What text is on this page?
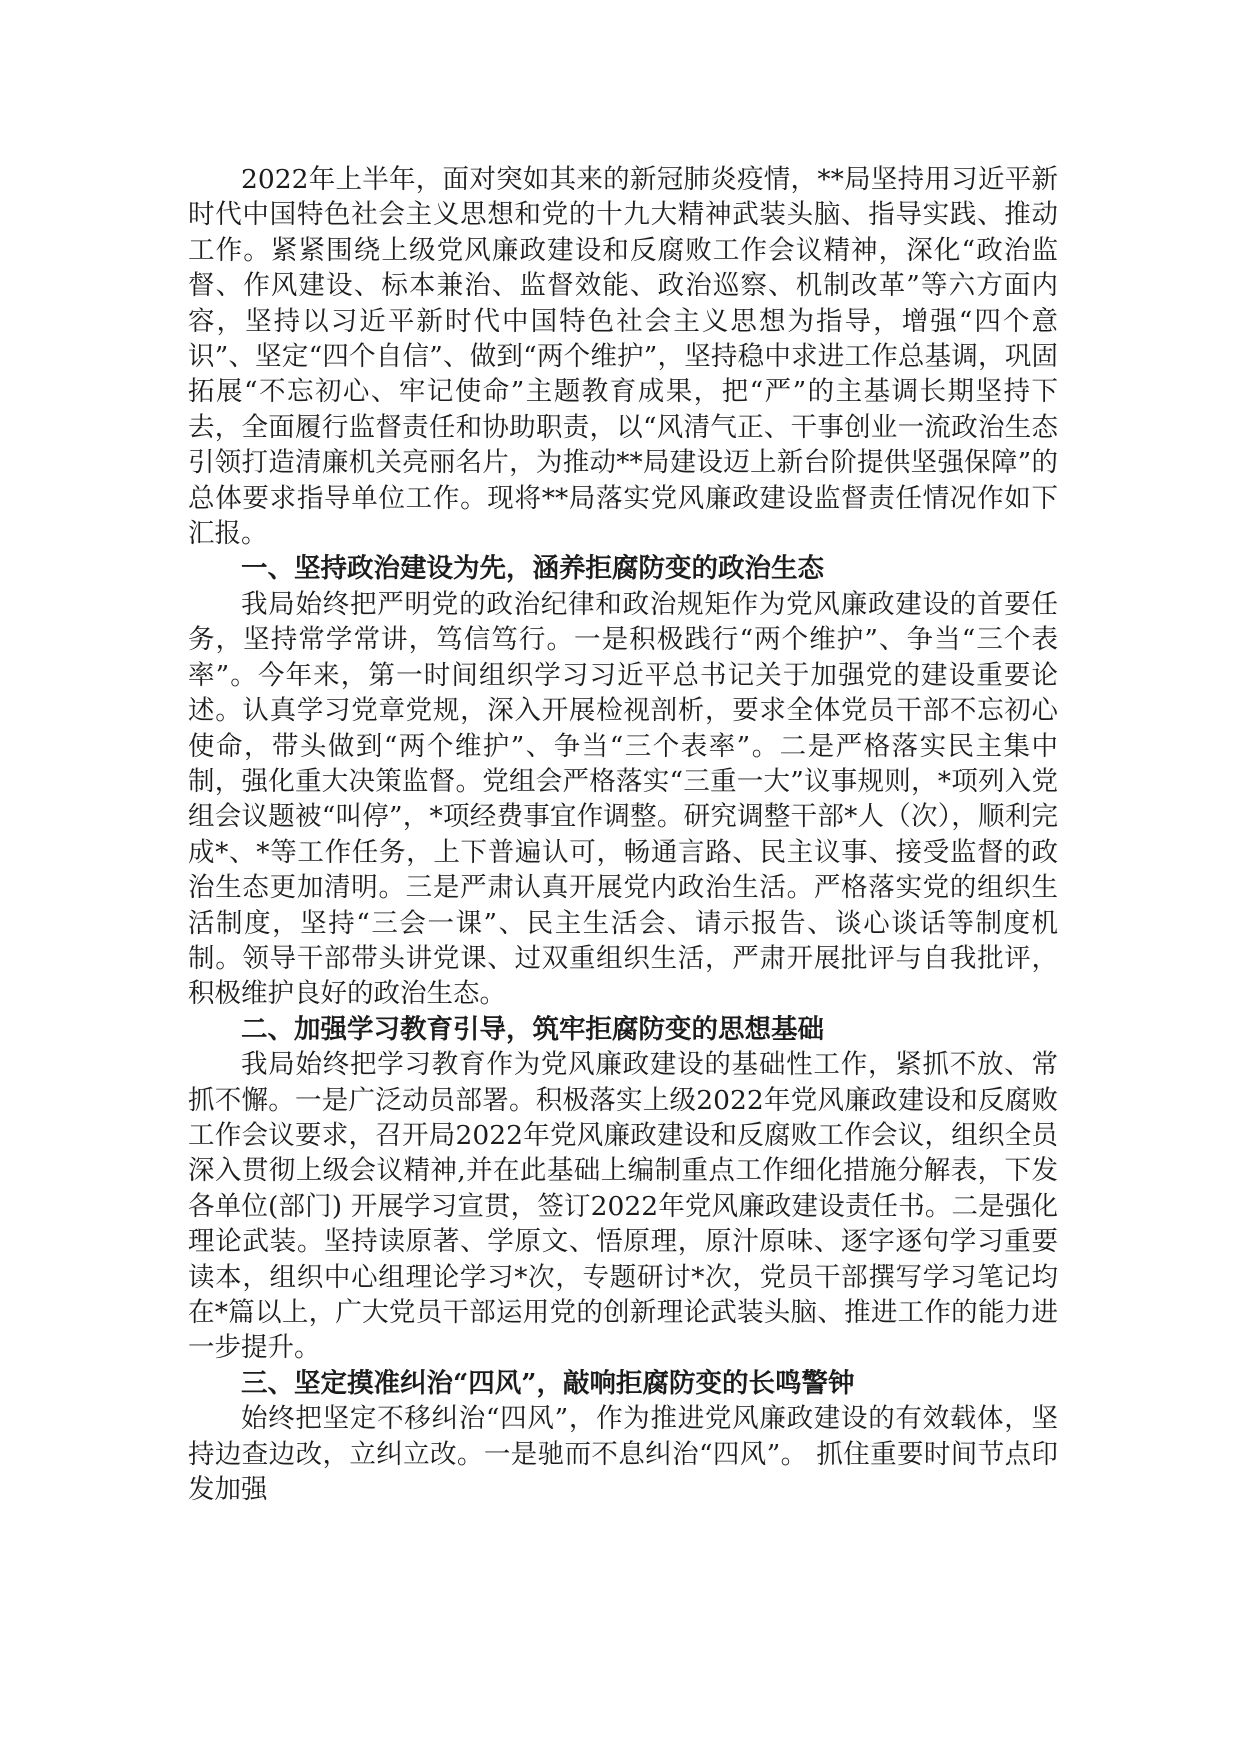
2022年上半年，面对突如其来的新冠肺炎疫情，**局坚持用习近平新时代中国特色社会主义思想和党的十九大精神武装头脑、指导实践、推动工作。紧紧围绕上级党风廉政建设和反腐败工作会议精神，深化“政治监督、作风建设、标本兼治、监督效能、政治巡察、机制改革”等六方面内容，坚持以习近平新时代中国特色社会主义思想为指导，增强“四个意识”、坚定“四个自信”、做到“两个维护”，坚持稳中求进工作总基调，巩固拓展“不忘初心、牢记使命”主题教育成果，把“严”的主基调长期坚持下去，全面履行监督责任和协助职责，以“风清气正、干事创业一流政治生态引领打造清廉机关亮丽名片，为推动**局建设迈上新台阶提供坚强保障”的总体要求指导单位工作。现将**局落实党风廉政建设监督责任情况作如下汇报。

一、坚持政治建设为先，涵养拒腐防变的政治生态

我局始终把严明党的政治纪律和政治规矩作为党风廉政建设的首要任务，坚持常学常讲，笃信笃行。一是积极践行“两个维护”、争当“三个表率”。今年来，第一时间组织学习习近平总书记关于加强党的建设重要论述。认真学习党章党规，深入开展检视剖析，要求全体党员干部不忘初心使命，带头做到“两个维护”、争当“三个表率”。二是严格落实民主集中制，强化重大决策监督。党组会严格落实“三重一大”议事规则，*项列入党组会议题被“叫停”，*项经费事宜作调整。研究调整干部*人（次），顺利完成*、*等工作任务，上下普遍认可，畅通言路、民主议事、接受监督的政治生态更加清明。三是严肃认真开展党内政治生活。严格落实党的组织生活制度，坚持“三会一课”、民主生活会、请示报告、谈心谈话等制度机制。领导干部带头讲党课、过双重组织生活，严肃开展批评与自我批评，积极维护良好的政治生态。

二、加强学习教育引导，筑牢拒腐防变的思想基础

我局始终把学习教育作为党风廉政建设的基础性工作，紧抓不放、常抓不懈。一是广泛动员部署。积极落实上级2022年党风廉政建设和反腐败工作会议要求，召开局2022年党风廉政建设和反腐败工作会议，组织全员深入贯彻上级会议精神,并在此基础上编制重点工作细化措施分解表，下发各单位(部门) 开展学习宣贯，签订2022年党风廉政建设责任书。二是强化理论武装。坚持读原著、学原文、悟原理，原汁原味、逐字逐句学习重要读本，组织中心组理论学习*次，专题研讨*次，党员干部撰写学习笔记均在*篇以上，广大党员干部运用党的创新理论武装头脑、推进工作的能力进一步提升。

三、坚定摸准纠治“四风”，敲响拒腐防变的长鸣警钟

始终把坚定不移纠治“四风”，作为推进党风廉政建设的有效载体，坚持边查边改，立纠立改。一是驰而不息纠治“四风”。 抓住重要时间节点印发加强
